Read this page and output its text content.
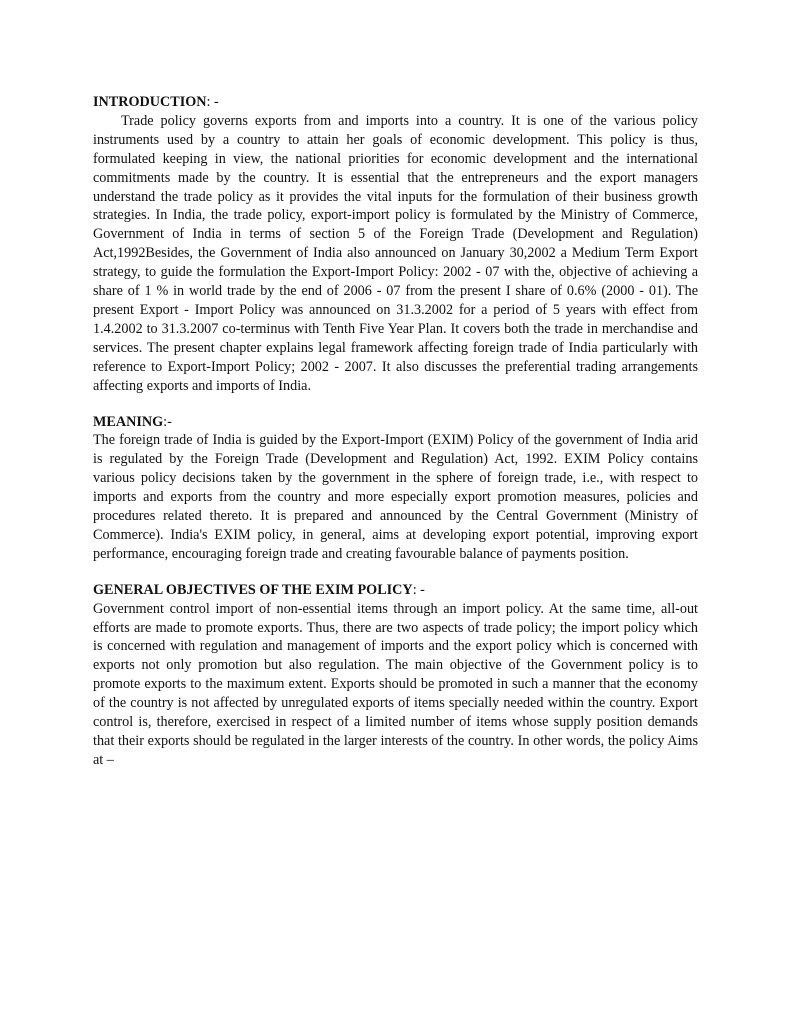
INTRODUCTION: -

Trade policy governs exports from and imports into a country. It is one of the various policy instruments used by a country to attain her goals of economic development. This policy is thus, formulated keeping in view, the national priorities for economic development and the international commitments made by the country. It is essential that the entrepreneurs and the export managers understand the trade policy as it provides the vital inputs for the formulation of their business growth strategies. In India, the trade policy, export-import policy is formulated by the Ministry of Commerce, Government of India in terms of section 5 of the Foreign Trade (Development and Regulation) Act,1992Besides, the Government of India also announced on January 30,2002 a Medium Term Export strategy, to guide the formulation the Export-Import Policy: 2002 - 07 with the, objective of achieving a share of 1 % in world trade by the end of 2006 - 07 from the present I share of 0.6% (2000 - 01). The present Export - Import Policy was announced on 31.3.2002 for a period of 5 years with effect from 1.4.2002 to 31.3.2007 co-terminus with Tenth Five Year Plan. It covers both the trade in merchandise and services. The present chapter explains legal framework affecting foreign trade of India particularly with reference to Export-Import Policy; 2002 - 2007. It also discusses the preferential trading arrangements affecting exports and imports of India.

MEANING:-

The foreign trade of India is guided by the Export-Import (EXIM) Policy of the government of India arid is regulated by the Foreign Trade (Development and Regulation) Act, 1992. EXIM Policy contains various policy decisions taken by the government in the sphere of foreign trade, i.e., with respect to imports and exports from the country and more especially export promotion measures, policies and procedures related thereto. It is prepared and announced by the Central Government (Ministry of Commerce). India's EXIM policy, in general, aims at developing export potential, improving export performance, encouraging foreign trade and creating favourable balance of payments position.

GENERAL OBJECTIVES OF THE EXIM POLICY: -

Government control import of non-essential items through an import policy. At the same time, all-out efforts are made to promote exports. Thus, there are two aspects of trade policy; the import policy which is concerned with regulation and management of imports and the export policy which is concerned with exports not only promotion but also regulation. The main objective of the Government policy is to promote exports to the maximum extent. Exports should be promoted in such a manner that the economy of the country is not affected by unregulated exports of items specially needed within the country. Export control is, therefore, exercised in respect of a limited number of items whose supply position demands that their exports should be regulated in the larger interests of the country. In other words, the policy Aims at –
